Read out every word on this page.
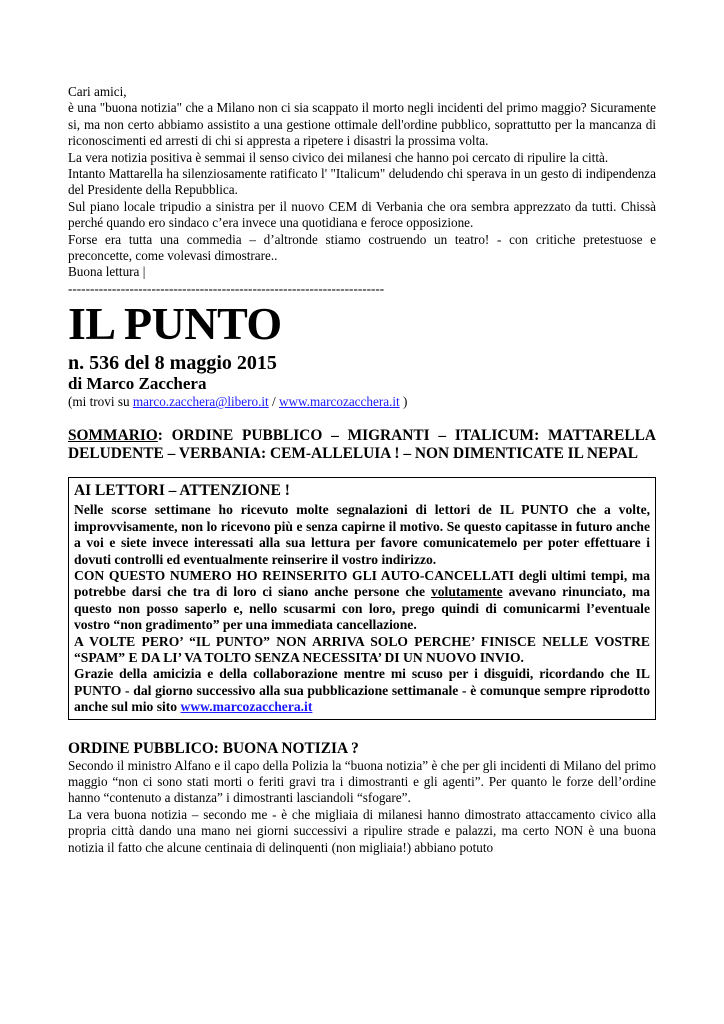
Cari amici,

è una "buona notizia" che a Milano non ci sia scappato il morto negli incidenti del primo maggio? Sicuramente si, ma non certo abbiamo assistito a una gestione ottimale dell'ordine pubblico, soprattutto per la mancanza di riconoscimenti ed arresti di chi si appresta a ripetere i disastri la prossima volta.

La vera notizia positiva è semmai il senso civico dei milanesi che hanno poi cercato di ripulire la città.

Intanto Mattarella ha silenziosamente ratificato l' "Italicum" deludendo chi sperava in un gesto di indipendenza del Presidente della Repubblica.

Sul piano locale tripudio a sinistra per il nuovo CEM di Verbania che ora sembra apprezzato da tutti. Chissà perché quando ero sindaco c’era invece una quotidiana e feroce opposizione.

Forse era tutta una commedia – d’altronde stiamo costruendo un teatro! - con critiche pretestuose e preconcette, come volevasi dimostrare..

Buona lettura |

------------------------------------------------------------------------

IL PUNTO
n. 536 del 8 maggio 2015
di Marco Zacchera
(mi trovi su marco.zacchera@libero.it / www.marcozacchera.it )
SOMMARIO: ORDINE PUBBLICO – MIGRANTI – ITALICUM: MATTARELLA DELUDENTE – VERBANIA: CEM-ALLELUIA ! – NON DIMENTICATE IL NEPAL
AI LETTORI – ATTENZIONE !

Nelle scorse settimane ho ricevuto molte segnalazioni di lettori de IL PUNTO che a volte, improvvisamente, non lo ricevono più e senza capirne il motivo. Se questo capitasse in futuro anche a voi e siete invece interessati alla sua lettura per favore comunicatemelo per poter effettuare i dovuti controlli ed eventualmente reinserire il vostro indirizzo.

CON QUESTO NUMERO HO REINSERITO GLI AUTO-CANCELLATI degli ultimi tempi, ma potrebbe darsi che tra di loro ci siano anche persone che volutamente avevano rinunciato, ma questo non posso saperlo e, nello scusarmi con loro, prego quindi di comunicarmi l’eventuale vostro “non gradimento” per una immediata cancellazione.

A VOLTE PERO’ “IL PUNTO” NON ARRIVA SOLO PERCHE’ FINISCE NELLE VOSTRE “SPAM” E DA LI’ VA TOLTO SENZA NECESSITA’ DI UN NUOVO INVIO.

Grazie della amicizia e della collaborazione mentre mi scuso per i disguidi, ricordando che IL PUNTO - dal giorno successivo alla sua pubblicazione settimanale - è comunque sempre riprodotto anche sul mio sito www.marcozacchera.it

ORDINE PUBBLICO: BUONA NOTIZIA ?

Secondo il ministro Alfano e il capo della Polizia la “buona notizia” è che per gli incidenti di Milano del primo maggio “non ci sono stati morti o feriti gravi tra i dimostranti e gli agenti”. Per quanto le forze dell’ordine hanno “contenuto a distanza” i dimostranti lasciandoli “sfogare”.

La vera buona notizia – secondo me - è che migliaia di milanesi hanno dimostrato attaccamento civico alla propria città dando una mano nei giorni successivi a ripulire strade e palazzi, ma certo NON è una buona notizia il fatto che alcune centinaia di delinquenti (non migliaia!) abbiano potuto
